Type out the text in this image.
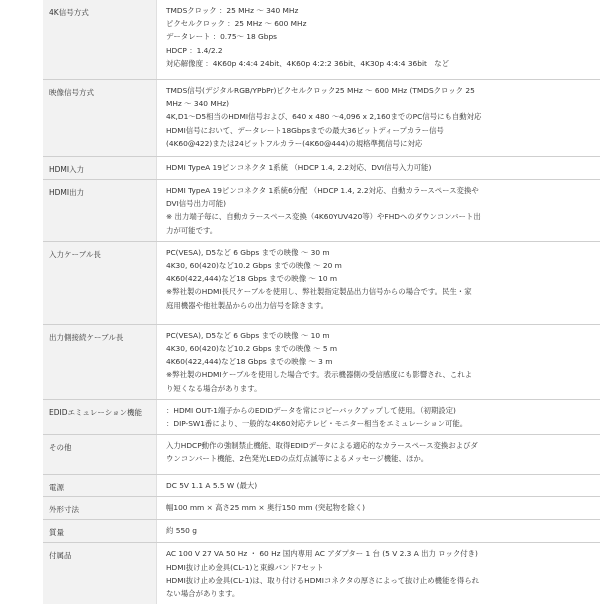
4K信号方式	TMDSクロック ：25 MHz ～ 340 MHz
ピクセルクロック ：25 MHz ～ 600 MHz
データレート ：0.75～ 18 Gbps
HDCP ：1.4/2.2
対応解像度 ：4K60p 4:4:4 24bit、4K60p 4:2:2 36bit、4K30p 4:4:4 36bit　など
映像信号方式	TMDS信号(デジタルRGB/YPbPr)ピクセルクロック25 MHz ～ 600 MHz (TMDSクロック 25
MHz ～ 340 MHz)
4K,D1～D5相当のHDMI信号および、640 x 480 ～4,096 x 2,160までのPC信号にも自動対応
HDMI信号において、データレート18Gbpsまでの最大36ビットディープカラー信号
(4K60@422)または24ビットフルカラー(4K60@444)の規格準拠信号に対応
HDMI入力	HDMI TypeA 19ピンコネクタ 1系統 （HDCP 1.4, 2.2対応、DVI信号入力可能)
HDMI出力	HDMI TypeA 19ピンコネクタ 1系統6分配 （HDCP 1.4, 2.2対応、自動カラースペース変換や
DVI信号出力可能)
※ 出力端子毎に、自動カラースペース変換（4K60YUV420等）やFHDへのダウンコンバート出
力が可能です。
入力ケーブル長	PC(VESA), D5など 6 Gbps までの映像 ～ 30 m
4K30, 60(420)など10.2 Gbps までの映像 ～ 20 m
4K60(422,444)など18 Gbps までの映像 ～ 10 m
※弊社製のHDMI長尺ケーブルを使用し、弊社製指定製品出力信号からの場合です。民生・家
庭用機器や他社製品からの出力信号を除きます。
出力側接続ケーブル長	PC(VESA), D5など 6 Gbps までの映像 ～ 10 m
4K30, 60(420)など10.2 Gbps までの映像 ～ 5 m
4K60(422,444)など18 Gbps までの映像 ～ 3 m
※弊社製のHDMIケーブルを使用した場合です。表示機器側の受信感度にも影響され、これよ
り短くなる場合があります。
EDIDエミュレーション機能	：HDMI OUT-1端子からのEDIDデータを常にコピーバックアップして使用。（初期設定)
：DIP-SW1番により、一般的な4K60対応テレビ・モニター相当をエミュレーション可能。
その他	入力HDCP動作の強制禁止機能、取得EDIDデータによる適応的なカラースペース変換およびダ
ウンコンバート機能、2色発光LEDの点灯点滅等によるメッセージ機能、ほか。
電源	DC 5V 1.1 A 5.5 W (最大)
外形寸法	幅100 mm × 高さ25 mm × 奥行150 mm (突起物を除く)
質量	約 550 g
付属品	AC 100 V 27 VA 50 Hz ・ 60 Hz 国内専用 AC アダプター 1 台 (5 V 2.3 A 出力 ロック付き)
HDMI抜け止め金具(CL-1)と束線バンド7セット
HDMI抜け止め金具(CL-1)は、取り付けるHDMIコネクタの厚さによって抜け止め機能を得られ
ない場合があります。
